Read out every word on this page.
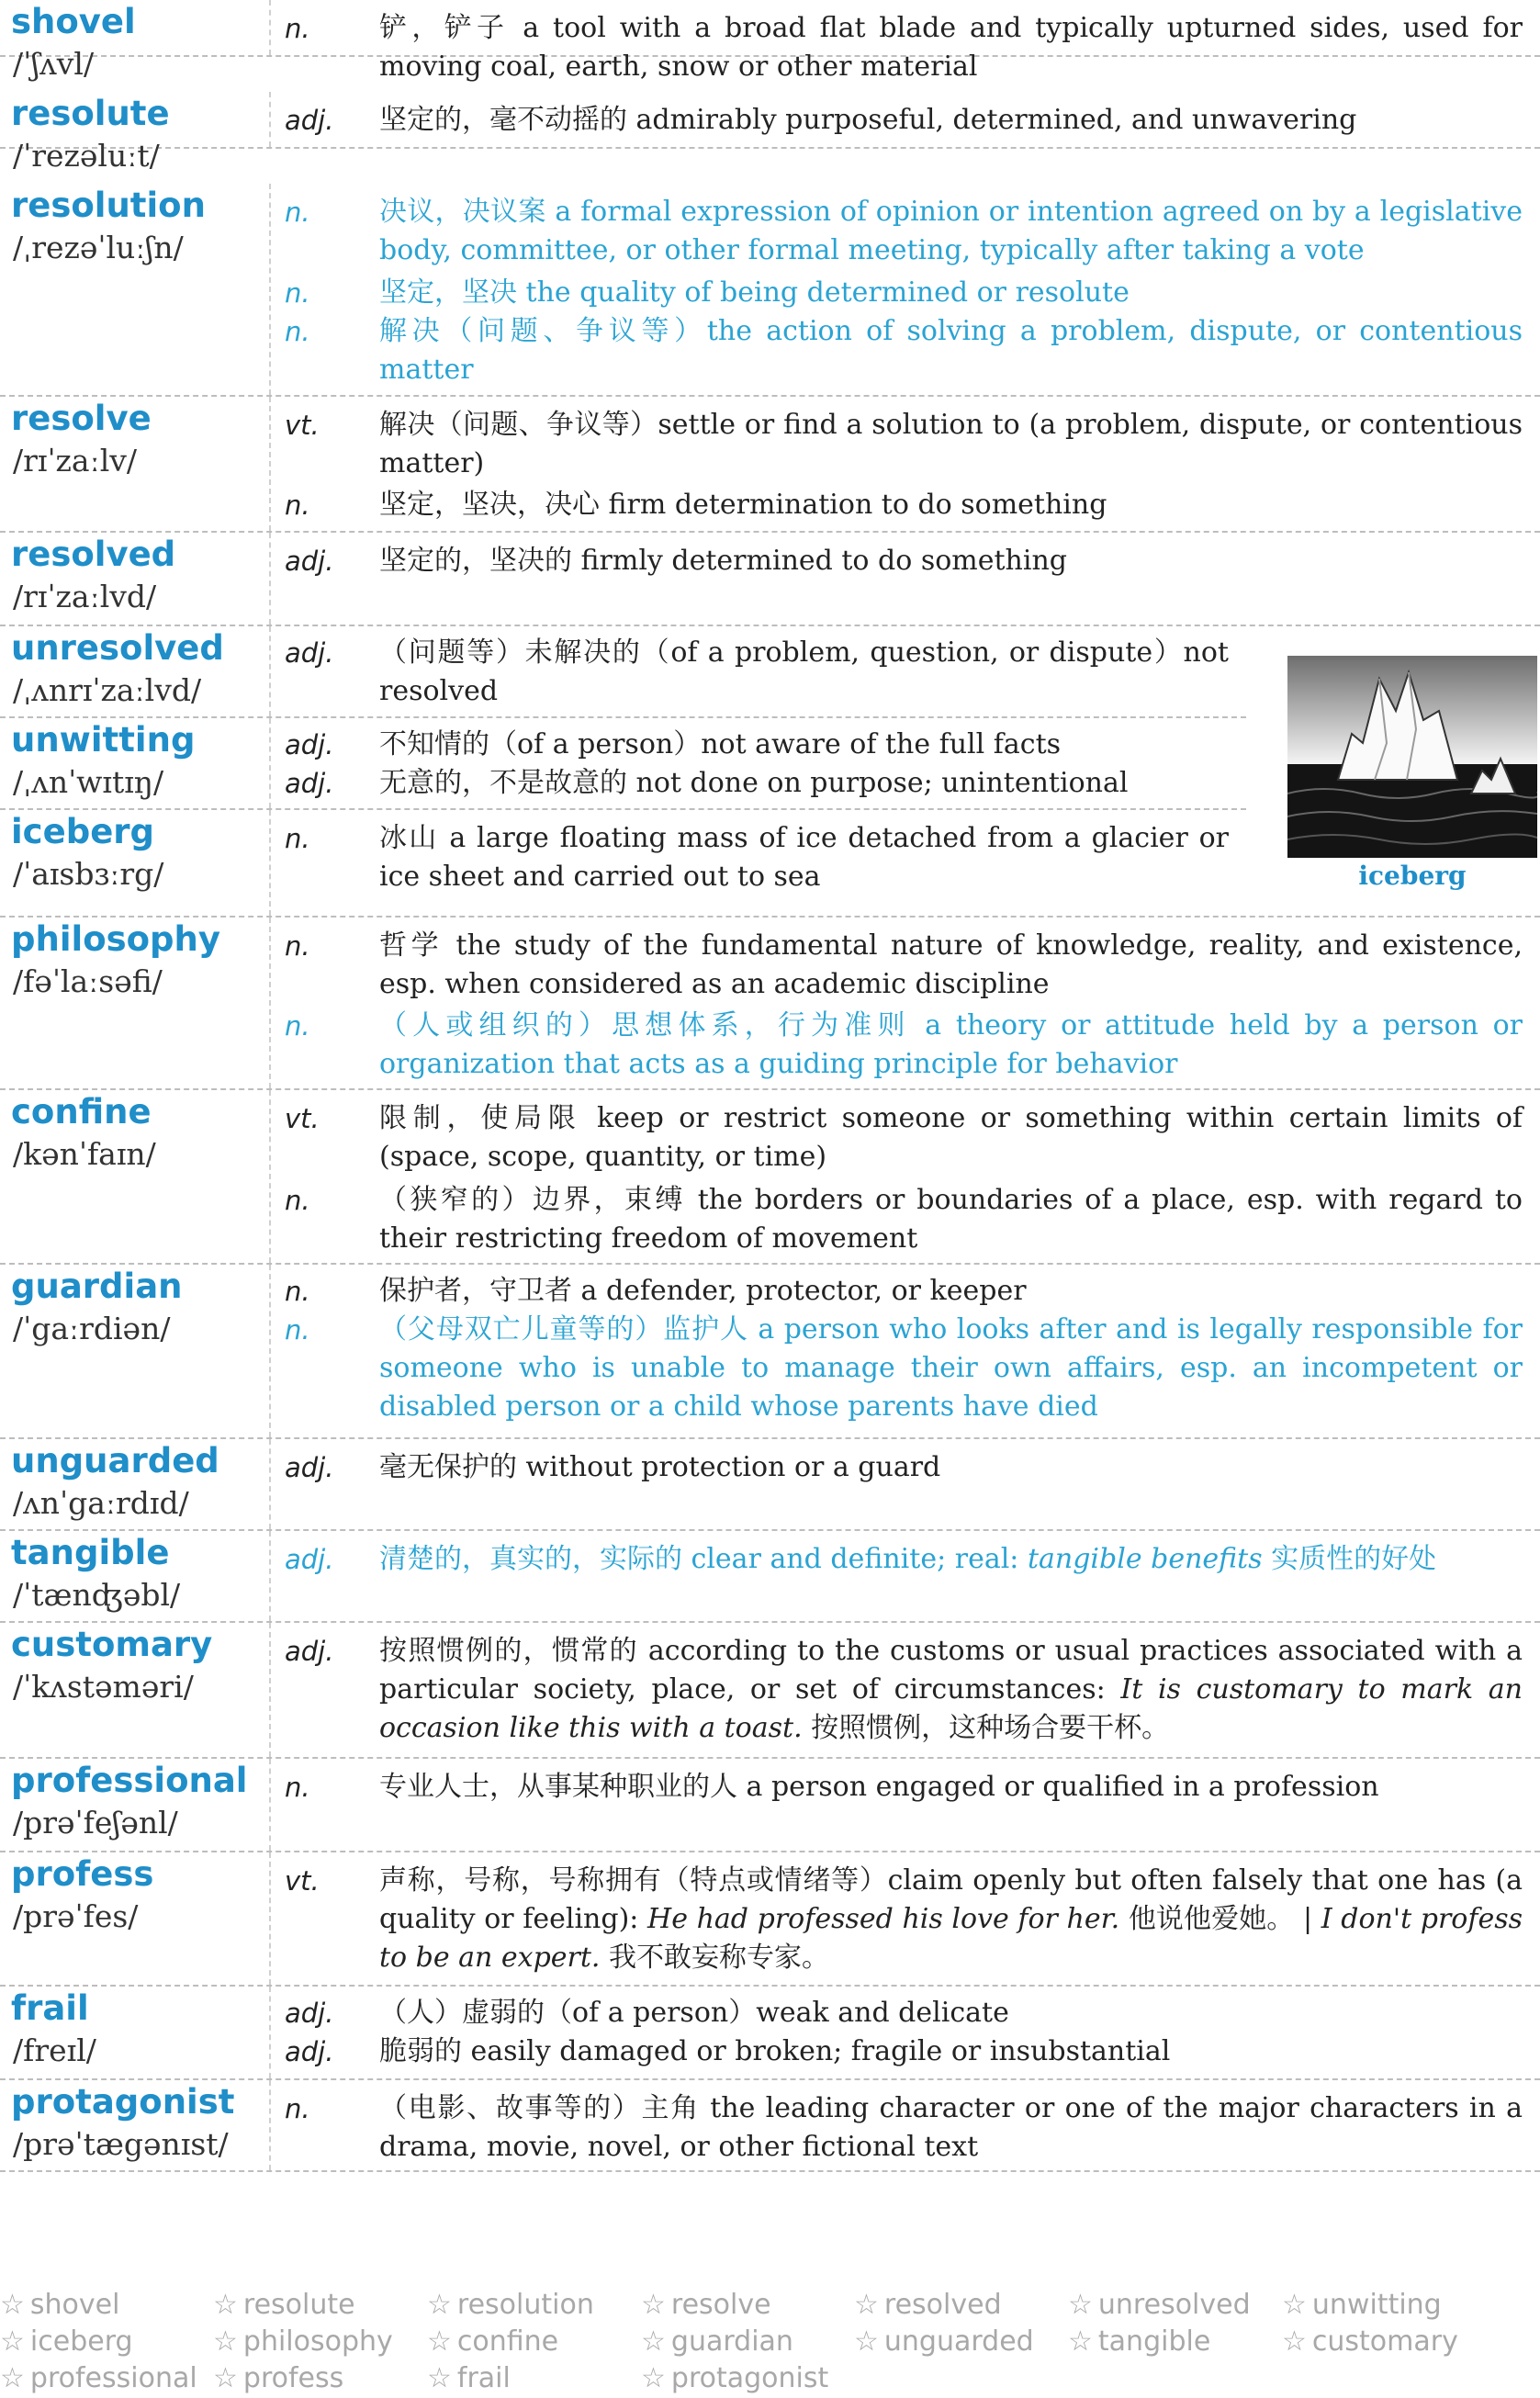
shovel
/ˈʃʌvl/
n.	铲，铲子 a tool with a broad flat blade and typically upturned sides, used for moving coal, earth, snow or other material
resolute
/ˈrezəluːt/
adj.	坚定的，毫不动摇的 admirably purposeful, determined, and unwavering
resolution
/ˌrezəˈluːʃn/
n.	决议，决议案 a formal expression of opinion or intention agreed on by a legislative body, committee, or other formal meeting, typically after taking a vote
n.	坚定，坚决 the quality of being determined or resolute
n.	解决（问题、争议等）the action of solving a problem, dispute, or contentious matter
resolve
/rɪˈzaːlv/
vt.	解决（问题、争议等）settle or find a solution to (a problem, dispute, or contentious matter)
n.	坚定，坚决，决心 firm determination to do something
resolved
/rɪˈzaːlvd/
adj.	坚定的，坚决的 firmly determined to do something
unresolved
/ˌʌnrɪˈzaːlvd/
adj.	（问题等）未解决的（of a problem, question, or dispute）not resolved
unwitting
/ˌʌnˈwɪtɪŋ/
adj.	不知情的（of a person）not aware of the full facts
adj.	无意的，不是故意的 not done on purpose; unintentional
iceberg
/ˈaɪsbɜːrg/
n.	冰山 a large floating mass of ice detached from a glacier or ice sheet and carried out to sea	iceberg
philosophy
/fəˈlaːsəfi/
n.	哲学 the study of the fundamental nature of knowledge, reality, and existence, esp. when considered as an academic discipline
n.	（人或组织的）思想体系，行为准则 a theory or attitude held by a person or organization that acts as a guiding principle for behavior
confine
/kənˈfaɪn/
vt.	限制，使局限 keep or restrict someone or something within certain limits of (space, scope, quantity, or time)
n.	（狭窄的）边界，束缚 the borders or boundaries of a place, esp. with regard to their restricting freedom of movement
guardian
/ˈgaːrdiən/
n.	保护者，守卫者 a defender, protector, or keeper
n.	（父母双亡儿童等的）监护人 a person who looks after and is legally responsible for someone who is unable to manage their own affairs, esp. an incompetent or disabled person or a child whose parents have died
unguarded
/ʌnˈgaːrdɪd/
adj.	毫无保护的 without protection or a guard
tangible
/ˈtænʤəbl/
adj.	清楚的，真实的，实际的 clear and definite; real: tangible benefits 实质性的好处
customary
/ˈkʌstəməri/
adj.	按照惯例的，惯常的 according to the customs or usual practices associated with a particular society, place, or set of circumstances: It is customary to mark an occasion like this with a toast. 按照惯例，这种场合要干杯。
professional
/prəˈfeʃənl/
n.	专业人士，从事某种职业的人 a person engaged or qualified in a profession
profess
/prəˈfes/
vt.	声称，号称，号称拥有（特点或情绪等）claim openly but often falsely that one has (a quality or feeling): He had professed his love for her. 他说他爱她。 | I don't profess to be an expert. 我不敢妄称专家。
frail
/freɪl/
adj.	（人）虚弱的（of a person）weak and delicate
adj.	脆弱的 easily damaged or broken; fragile or insubstantial
protagonist
/prəˈtægənɪst/
n.	（电影、故事等的）主角 the leading character or one of the major characters in a drama, movie, novel, or other fictional text
☆ shovel	☆ resolute	☆ resolution ☆ resolve	☆ resolved ☆ unresolved ☆ unwitting
☆ iceberg	☆ philosophy ☆ confine	☆ guardian ☆ unguarded ☆ tangible	☆ customary
☆ professional ☆ profess	☆ frail	☆ protagonist
